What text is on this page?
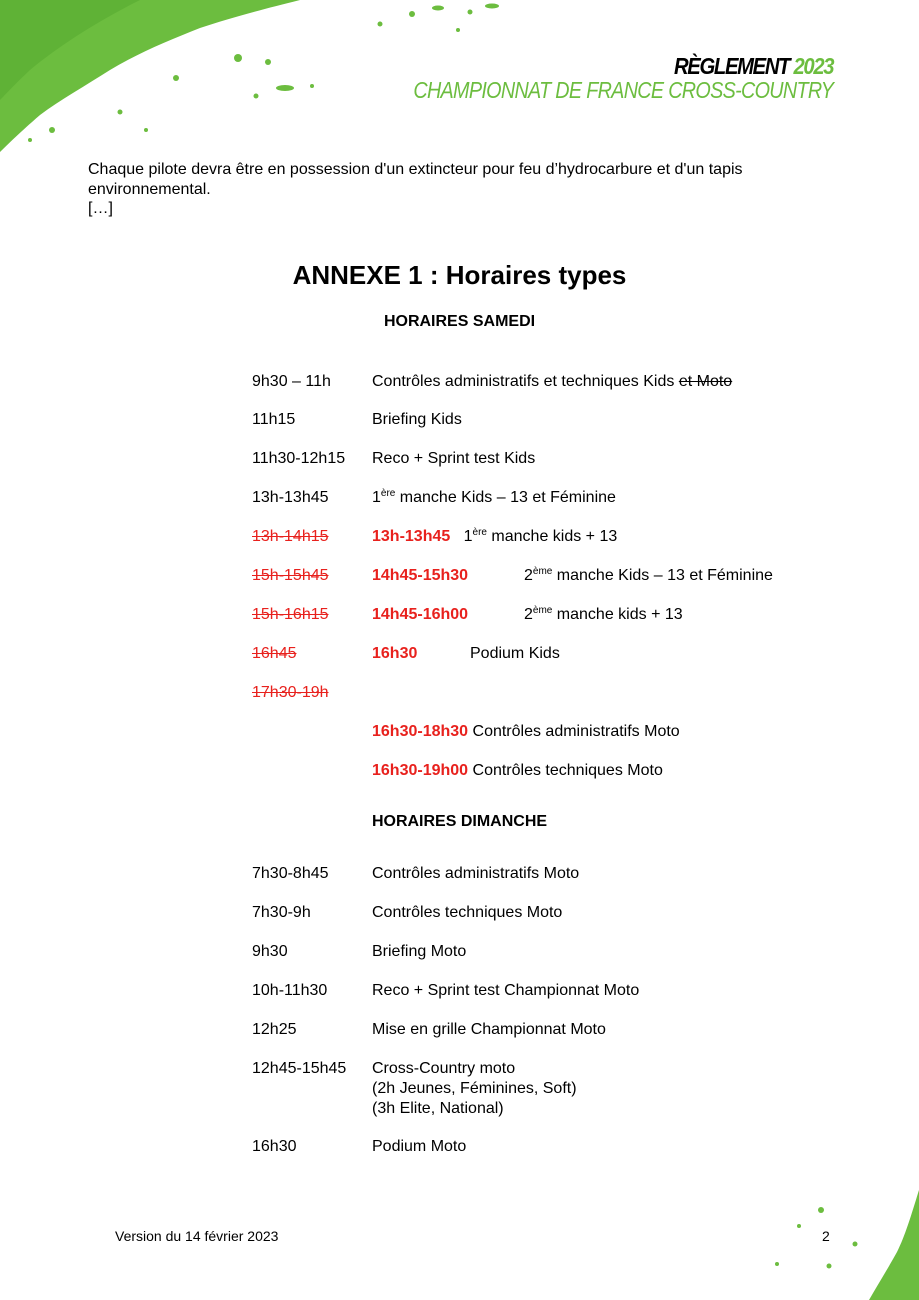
RÈGLEMENT 2023
CHAMPIONNAT DE FRANCE CROSS-COUNTRY
Chaque pilote devra être en possession d'un extincteur pour feu d’hydrocarbure et d'un tapis environnemental.
[…]
ANNEXE 1 : Horaires types
HORAIRES SAMEDI
9h30 – 11h	Contrôles administratifs et techniques Kids et Moto
11h15	Briefing Kids
11h30-12h15 Reco + Sprint test Kids
13h-13h45	1ère manche Kids – 13 et Féminine
13h-14h15	13h-13h45 1ère manche kids + 13
15h-15h45	14h45-15h30	2ème manche Kids – 13 et Féminine
15h-16h15	14h45-16h00	2ème manche kids + 13
16h45	16h30	Podium Kids
17h30-19h
16h30-18h30 Contrôles administratifs Moto
16h30-19h00 Contrôles techniques Moto
HORAIRES DIMANCHE
7h30-8h45	Contrôles administratifs Moto
7h30-9h	Contrôles techniques Moto
9h30	Briefing Moto
10h-11h30	Reco + Sprint test Championnat Moto
12h25	Mise en grille Championnat Moto
12h45-15h45 Cross-Country moto
(2h Jeunes, Féminines, Soft)
(3h Elite, National)
16h30	Podium Moto
Version du 14 février 2023	2
